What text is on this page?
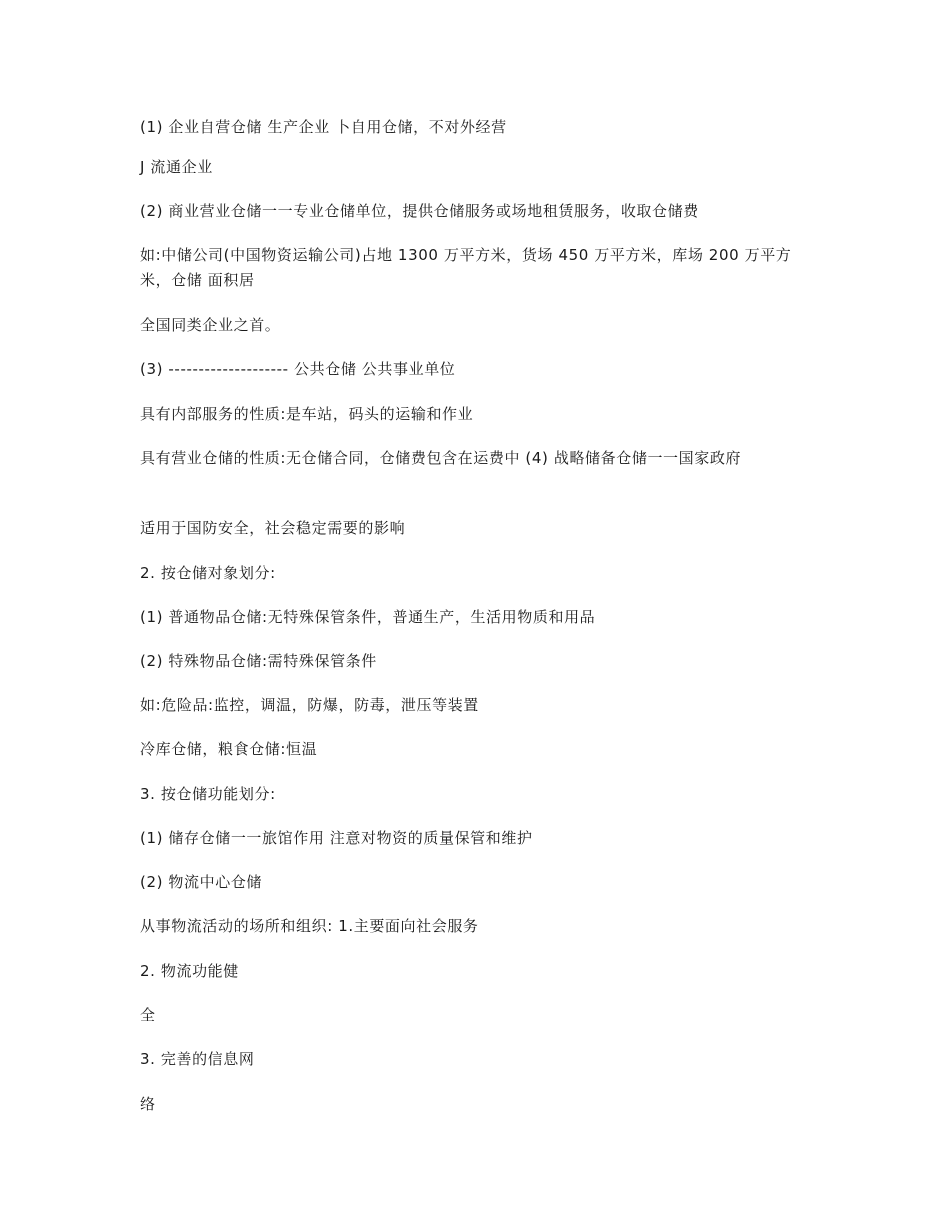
(1) 企业自营仓储 生产企业 卜自用仓储，不对外经营
J 流通企业
(2) 商业营业仓储一一专业仓储单位，提供仓储服务或场地租赁服务，收取仓储费
如:中储公司(中国物资运输公司)占地 1300 万平方米，货场 450 万平方米，库场 200 万平方米，仓储 面积居
全国同类企业之首。
(3) -------------------- 公共仓储 公共事业单位
具有内部服务的性质:是车站，码头的运输和作业
具有营业仓储的性质:无仓储合同，仓储费包含在运费中 (4) 战略储备仓储一一国家政府
适用于国防安全，社会稳定需要的影响
2. 按仓储对象划分:
(1) 普通物品仓储:无特殊保管条件，普通生产，生活用物质和用品
(2) 特殊物品仓储:需特殊保管条件
如:危险品:监控，调温，防爆，防毒，泄压等装置
冷库仓储，粮食仓储:恒温
3. 按仓储功能划分:
(1) 储存仓储一一旅馆作用 注意对物资的质量保管和维护
(2) 物流中心仓储
从事物流活动的场所和组织: 1.主要面向社会服务
2. 物流功能健
全
3. 完善的信息网
络
